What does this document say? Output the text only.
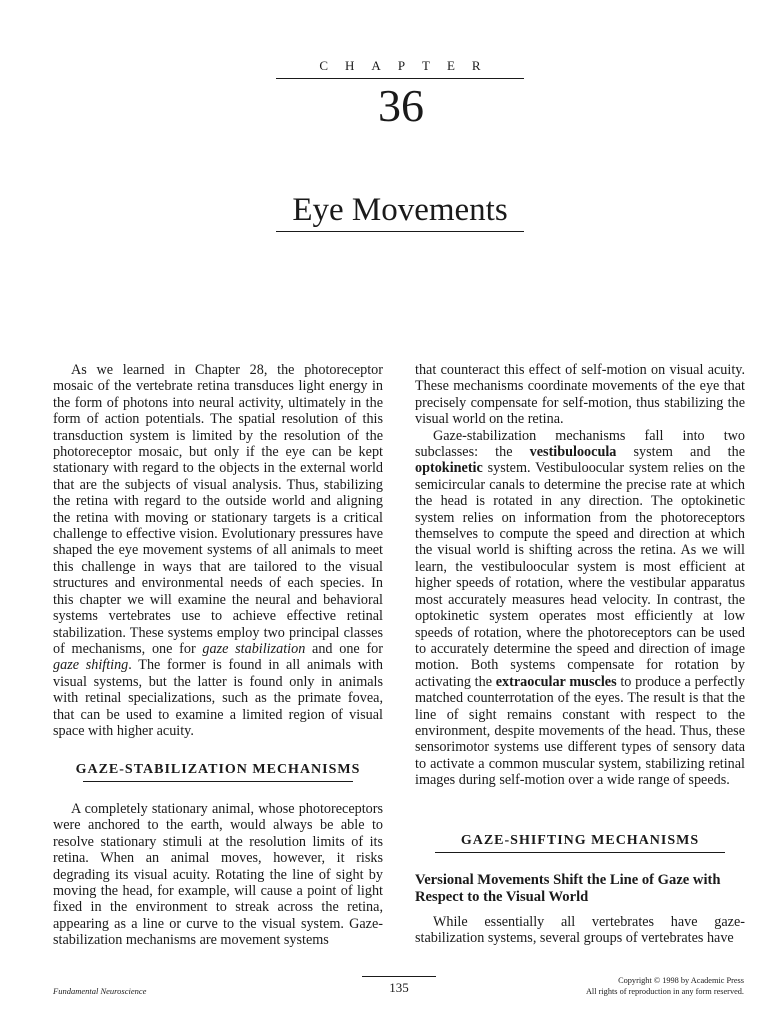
CHAPTER
36
Eye Movements

As we learned in Chapter 28, the photoreceptor mosaic of the vertebrate retina transduces light energy in the form of photons into neural activity, ultimately in the form of action potentials. The spatial resolution of this transduction system is limited by the resolution of the photoreceptor mosaic, but only if the eye can be kept stationary with regard to the objects in the external world that are the subjects of visual analysis. Thus, stabilizing the retina with regard to the outside world and aligning the retina with moving or stationary targets is a critical challenge to effective vision. Evolutionary pressures have shaped the eye movement systems of all animals to meet this challenge in ways that are tailored to the visual structures and environmental needs of each species. In this chapter we will examine the neural and behavioral systems vertebrates use to achieve effective retinal stabilization. These systems employ two principal classes of mechanisms, one for gaze stabilization and one for gaze shifting. The former is found in all animals with visual systems, but the latter is found only in animals with retinal specializations, such as the primate fovea, that can be used to examine a limited region of visual space with higher acuity.

GAZE-STABILIZATION MECHANISMS

A completely stationary animal, whose photoreceptors were anchored to the earth, would always be able to resolve stationary stimuli at the resolution limits of its retina. When an animal moves, however, it risks degrading its visual acuity. Rotating the line of sight by moving the head, for example, will cause a point of light fixed in the environment to streak across the retina, appearing as a line or curve to the visual system. Gaze-stabilization mechanisms are movement systems

that counteract this effect of self-motion on visual acuity. These mechanisms coordinate movements of the eye that precisely compensate for self-motion, thus stabilizing the visual world on the retina.

Gaze-stabilization mechanisms fall into two subclasses: the vestibuloocula system and the optokinetic system. Vestibuloocular system relies on the semicircular canals to determine the precise rate at which the head is rotated in any direction. The optokinetic system relies on information from the photoreceptors themselves to compute the speed and direction at which the visual world is shifting across the retina. As we will learn, the vestibuloocular system is most efficient at higher speeds of rotation, where the vestibular apparatus most accurately measures head velocity. In contrast, the optokinetic system operates most efficiently at low speeds of rotation, where the photoreceptors can be used to accurately determine the speed and direction of image motion. Both systems compensate for rotation by activating the extraocular muscles to produce a perfectly matched counterrotation of the eyes. The result is that the line of sight remains constant with respect to the environment, despite movements of the head. Thus, these sensorimotor systems use different types of sensory data to activate a common muscular system, stabilizing retinal images during self-motion over a wide range of speeds.

GAZE-SHIFTING MECHANISMS
Versional Movements Shift the Line of Gaze with Respect to the Visual World

While essentially all vertebrates have gaze-stabilization systems, several groups of vertebrates have

Fundamental Neuroscience	135	Copyright © 1998 by Academic Press
All rights of reproduction in any form reserved.
